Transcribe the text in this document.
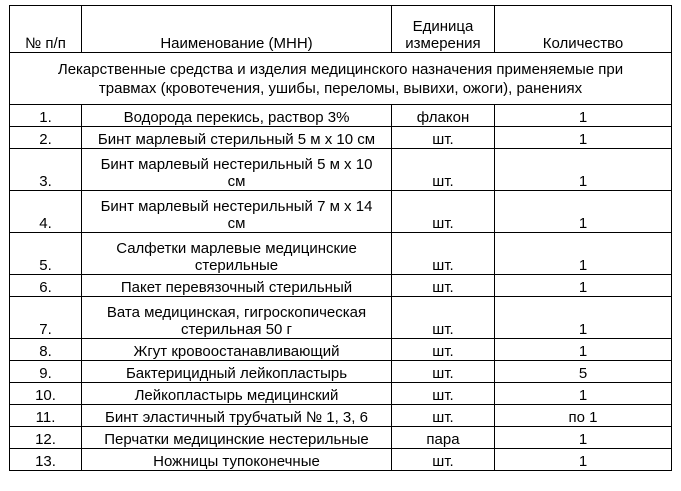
№ п/п	Наименование (МНН)	Единица
измерения	Количество

Лекарственные средства и изделия медицинского назначения применяемые при
травмах (кровотечения, ушибы, переломы, вывихи, ожоги), ранениях			

1.	Водорода перекись, раствор 3%	флакон	1
2.	Бинт марлевый стерильный 5 м х 10 см	шт.	1
3.	Бинт марлевый нестерильный 5 м х 10
см	шт.	1
4.	Бинт марлевый нестерильный 7 м х 14
см	шт.	1
5.	Салфетки марлевые медицинские
стерильные	шт.	1
6.	Пакет перевязочный стерильный	шт.	1
7.	Вата медицинская, гигроскопическая
стерильная 50 г	шт.	1
8.	Жгут кровоостанавливающий	шт.	1
9.	Бактерицидный лейкопластырь	шт.	5
10.	Лейкопластырь медицинский	шт.	1
11.	Бинт эластичный трубчатый № 1, 3, 6	шт.	по 1
12.	Перчатки медицинские нестерильные	пара	1
13.	Ножницы тупоконечные	шт.	1
